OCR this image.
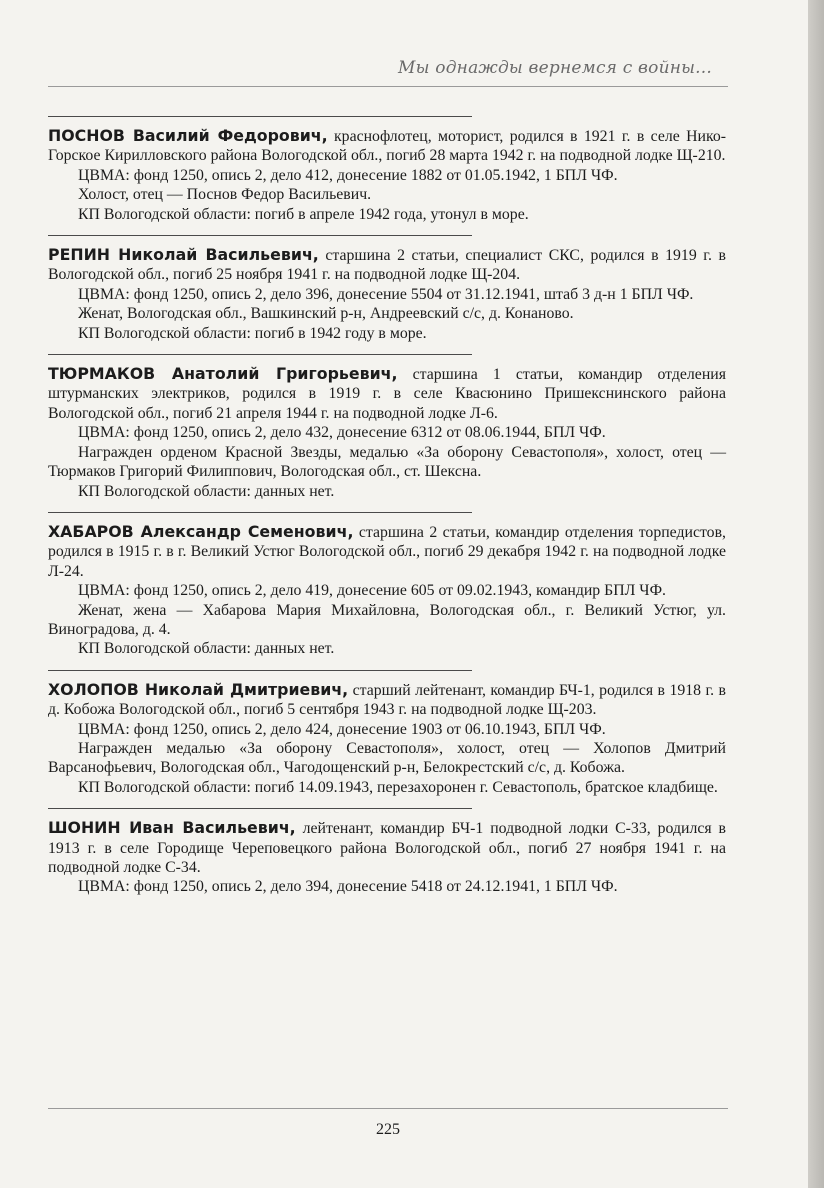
Мы однажды вернемся с войны...

ПОСНОВ Василий Федорович, краснофлотец, моторист, родился в 1921 г. в селе Нико-Горское Кирилловского района Вологодской обл., погиб 28 марта 1942 г. на подводной лодке Щ-210.

ЦВМА: фонд 1250, опись 2, дело 412, донесение 1882 от 01.05.1942, 1 БПЛ ЧФ.

Холост, отец — Поснов Федор Васильевич.

КП Вологодской области: погиб в апреле 1942 года, утонул в море.

РЕПИН Николай Васильевич, старшина 2 статьи, специалист СКС, родился в 1919 г. в Вологодской обл., погиб 25 ноября 1941 г. на подводной лодке Щ-204.

ЦВМА: фонд 1250, опись 2, дело 396, донесение 5504 от 31.12.1941, штаб 3 д-н 1 БПЛ ЧФ.

Женат, Вологодская обл., Вашкинский р-н, Андреевский с/с, д. Конаново.

КП Вологодской области: погиб в 1942 году в море.

ТЮРМАКОВ Анатолий Григорьевич, старшина 1 статьи, командир отделения штурманских электриков, родился в 1919 г. в селе Квасюнино Пришекснинского района Вологодской обл., погиб 21 апреля 1944 г. на подводной лодке Л-6.

ЦВМА: фонд 1250, опись 2, дело 432, донесение 6312 от 08.06.1944, БПЛ ЧФ.

Награжден орденом Красной Звезды, медалью «За оборону Севастополя», холост, отец — Тюрмаков Григорий Филиппович, Вологодская обл., ст. Шексна.

КП Вологодской области: данных нет.

ХАБАРОВ Александр Семенович, старшина 2 статьи, командир отделения торпедистов, родился в 1915 г. в г. Великий Устюг Вологодской обл., погиб 29 декабря 1942 г. на подводной лодке Л-24.

ЦВМА: фонд 1250, опись 2, дело 419, донесение 605 от 09.02.1943, командир БПЛ ЧФ.

Женат, жена — Хабарова Мария Михайловна, Вологодская обл., г. Великий Устюг, ул. Виноградова, д. 4.

КП Вологодской области: данных нет.

ХОЛОПОВ Николай Дмитриевич, старший лейтенант, командир БЧ-1, родился в 1918 г. в д. Кобожа Вологодской обл., погиб 5 сентября 1943 г. на подводной лодке Щ-203.

ЦВМА: фонд 1250, опись 2, дело 424, донесение 1903 от 06.10.1943, БПЛ ЧФ.

Награжден медалью «За оборону Севастополя», холост, отец — Холопов Дмитрий Варсанофьевич, Вологодская обл., Чагодощенский р-н, Белокрестский с/с, д. Кобожа.

КП Вологодской области: погиб 14.09.1943, перезахоронен г. Севастополь, братское кладбище.

ШОНИН Иван Васильевич, лейтенант, командир БЧ-1 подводной лодки С-33, родился в 1913 г. в селе Городище Череповецкого района Вологодской обл., погиб 27 ноября 1941 г. на подводной лодке С-34.

ЦВМА: фонд 1250, опись 2, дело 394, донесение 5418 от 24.12.1941, 1 БПЛ ЧФ.

225
